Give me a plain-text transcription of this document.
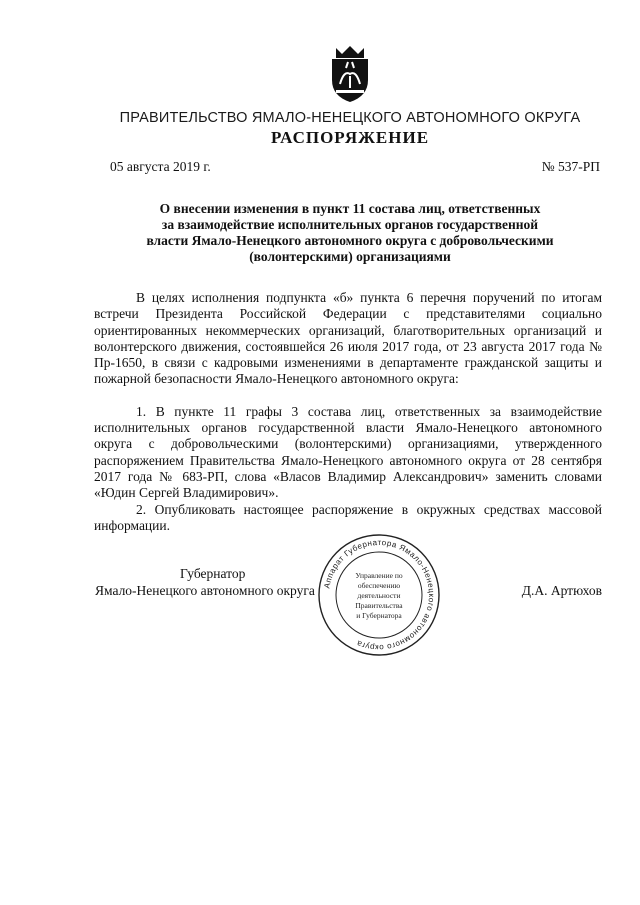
ПРАВИТЕЛЬСТВО ЯМАЛО-НЕНЕЦКОГО АВТОНОМНОГО ОКРУГА
РАСПОРЯЖЕНИЕ
05 августа 2019 г.	№ 537-РП
О внесении изменения в пункт 11 состава лиц, ответственных
за взаимодействие исполнительных органов государственной
власти Ямало-Ненецкого автономного округа с добровольческими
(волонтерскими) организациями

В целях исполнения подпункта «б» пункта 6 перечня поручений по итогам встречи Президента Российской Федерации с представителями социально ориентированных некоммерческих организаций, благотворительных организаций и волонтерского движения, состоявшейся 26 июля 2017 года, от 23 августа 2017 года № Пр-1650, в связи с кадровыми изменениями в департаменте гражданской защиты и пожарной безопасности Ямало-Ненецкого автономного округа:

1. В пункте 11 графы 3 состава лиц, ответственных за взаимодействие исполнительных органов государственной власти Ямало-Ненецкого автономного округа с добровольческими (волонтерскими) организациями, утвержденного распоряжением Правительства Ямало-Ненецкого автономного округа от 28 сентября 2017 года № 683-РП, слова «Власов Владимир Александрович» заменить словами «Юдин Сергей Владимирович».

2. Опубликовать настоящее распоряжение в окружных средствах массовой информации.

Губернатор
Ямало-Ненецкого автономного округа	Д.А. Артюхов
Аппарат Губернатора Ямало-Ненецкого автономного округа
Управление по
обеспечению
деятельности
Правительства
и Губернатора
